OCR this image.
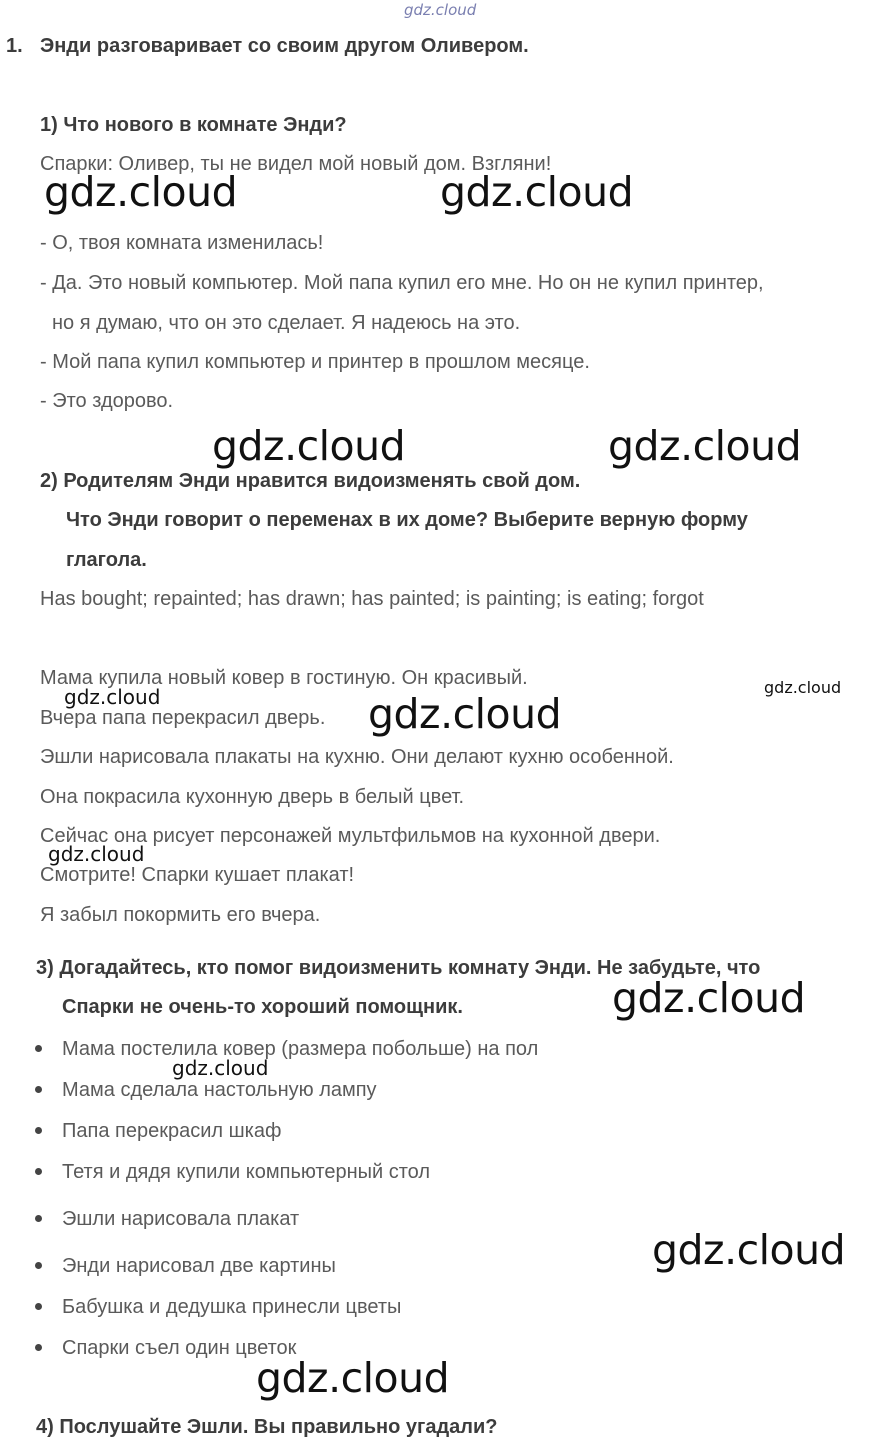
gdz.cloud
1. Энди разговаривает со своим другом Оливером.
1) Что нового в комнате Энди?
Спарки: Оливер, ты не видел мой новый дом. Взгляни!
- О, твоя комната изменилась!
- Да. Это новый компьютер. Мой папа купил его мне. Но он не купил принтер,
но я думаю, что он это сделает. Я надеюсь на это.
- Мой папа купил компьютер и принтер в прошлом месяце.
- Это здорово.
2) Родителям Энди нравится видоизменять свой дом.
Что Энди говорит о переменах в их доме? Выберите верную форму
глагола.
Has bought; repainted; has drawn; has painted; is painting; is eating; forgot
Мама купила новый ковер в гостиную. Он красивый.
Вчера папа перекрасил дверь.
Эшли нарисовала плакаты на кухню. Они делают кухню особенной.
Она покрасила кухонную дверь в белый цвет.
Сейчас она рисует персонажей мультфильмов на кухонной двери.
Смотрите! Спарки кушает плакат!
Я забыл покормить его вчера.
3) Догадайтесь, кто помог видоизменить комнату Энди. Не забудьте, что
Спарки не очень-то хороший помощник.
Мама постелила ковер (размера побольше) на пол
Мама сделала настольную лампу
Папа перекрасил шкаф
Тетя и дядя купили компьютерный стол
Эшли нарисовала плакат
Энди нарисовал две картины
Бабушка и дедушка принесли цветы
Спарки съел один цветок
4) Послушайте Эшли. Вы правильно угадали?
gdz.cloud	gdz.cloud
gdz.cloud	gdz.cloud
gdz.cloud	gdz.cloud
gdz.cloud
gdz.cloud
gdz.cloud
gdz.cloud
gdz.cloud
gdz.cloud
